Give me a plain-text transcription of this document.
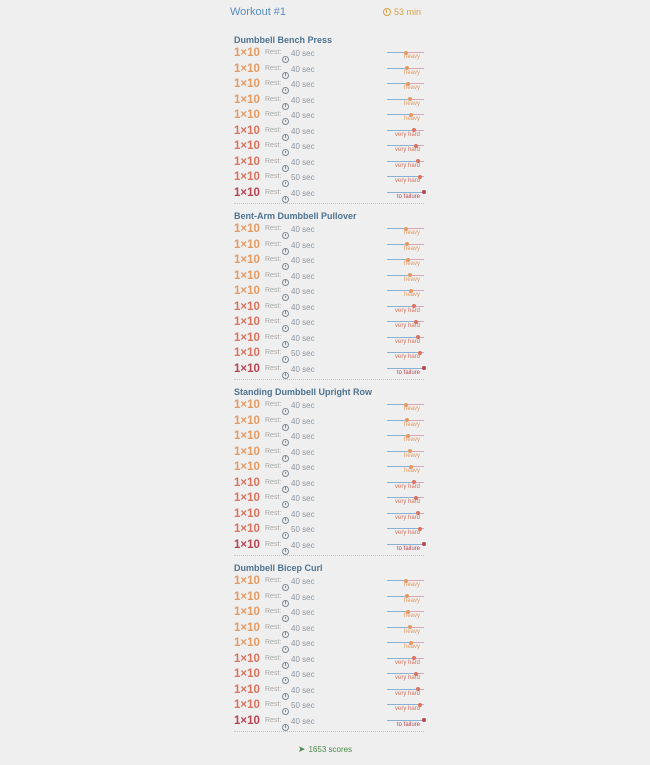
Workout #1	53 min
Dumbbell Bench Press
1×10 Rest: 40 sec	heavy
1×10 Rest: 40 sec	heavy
1×10 Rest: 40 sec	heavy
1×10 Rest: 40 sec	heavy
1×10 Rest: 40 sec	heavy
1×10 Rest: 40 sec	very hard
1×10 Rest: 40 sec	very hard
1×10 Rest: 40 sec	very hard
1×10 Rest: 50 sec	very hard
1×10 Rest: 40 sec	to failure
Bent-Arm Dumbbell Pullover
1×10 Rest: 40 sec	heavy
1×10 Rest: 40 sec	heavy
1×10 Rest: 40 sec	heavy
1×10 Rest: 40 sec	heavy
1×10 Rest: 40 sec	heavy
1×10 Rest: 40 sec	very hard
1×10 Rest: 40 sec	very hard
1×10 Rest: 40 sec	very hard
1×10 Rest: 50 sec	very hard
1×10 Rest: 40 sec	to failure
Standing Dumbbell Upright Row
1×10 Rest: 40 sec	heavy
1×10 Rest: 40 sec	heavy
1×10 Rest: 40 sec	heavy
1×10 Rest: 40 sec	heavy
1×10 Rest: 40 sec	heavy
1×10 Rest: 40 sec	very hard
1×10 Rest: 40 sec	very hard
1×10 Rest: 40 sec	very hard
1×10 Rest: 50 sec	very hard
1×10 Rest: 40 sec	to failure
Dumbbell Bicep Curl
1×10 Rest: 40 sec	heavy
1×10 Rest: 40 sec	heavy
1×10 Rest: 40 sec	heavy
1×10 Rest: 40 sec	heavy
1×10 Rest: 40 sec	heavy
1×10 Rest: 40 sec	very hard
1×10 Rest: 40 sec	very hard
1×10 Rest: 40 sec	very hard
1×10 Rest: 50 sec	very hard
1×10 Rest: 40 sec	to failure
➤ 1653 scores
